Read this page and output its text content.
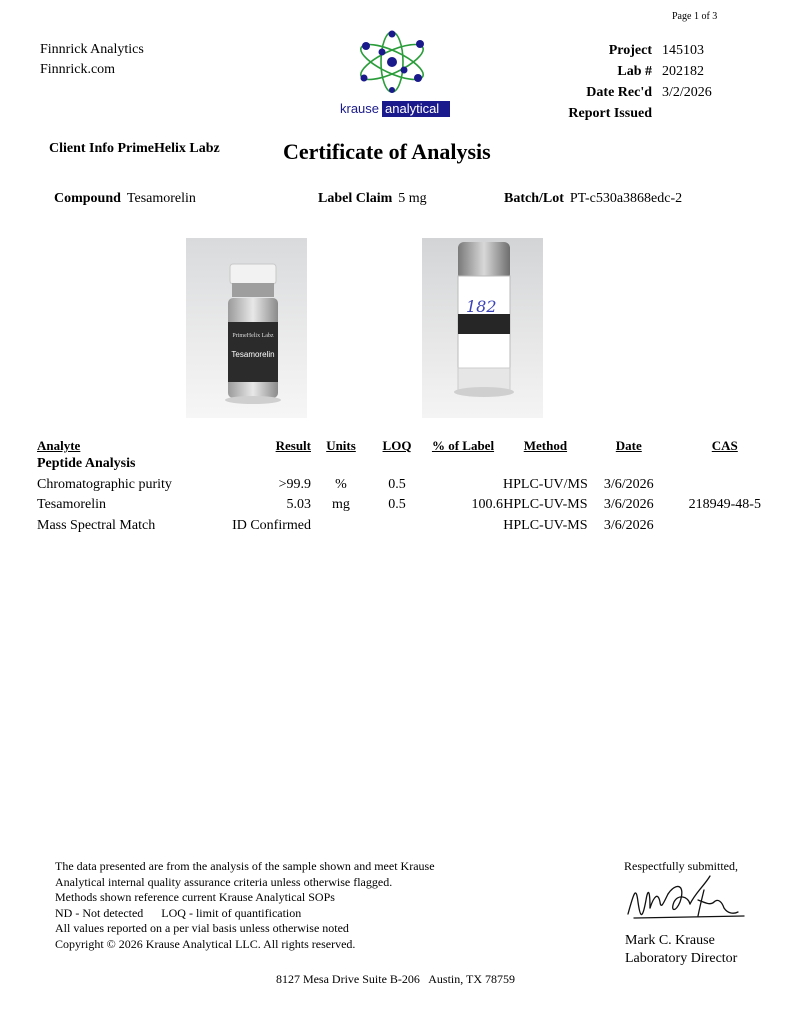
Page 1 of 3
Finnrick Analytics
Finnrick.com
krause analytical
Project 145103
Lab # 202182
Date Rec'd 3/2/2026
Report Issued
Client Info PrimeHelix Labz	Certificate of Analysis
Compound Tesamorelin	Label Claim 5 mg	Batch/Lot PT-c530a3868edc-2
PrimeHelix Labz
Tesamorelin
182
Analyte	Result	Units	LOQ	% of Label	Method	Date	CAS
Peptide Analysis							
Chromatographic purity	>99.9	%	0.5		HPLC-UV/MS	3/6/2026	
Tesamorelin	5.03	mg	0.5	100.6	HPLC-UV-MS	3/6/2026	218949-48-5
Mass Spectral Match	ID Confirmed				HPLC-UV-MS	3/6/2026	
The data presented are from the analysis of the sample shown and meet Krause
Analytical internal quality assurance criteria unless otherwise flagged.
Methods shown reference current Krause Analytical SOPs
ND - Not detected      LOQ - limit of quantification
All values reported on a per vial basis unless otherwise noted
Copyright © 2026 Krause Analytical LLC. All rights reserved.
Respectfully submitted,
Mark C. Krause
Laboratory Director
8127 Mesa Drive Suite B-206   Austin, TX 78759
